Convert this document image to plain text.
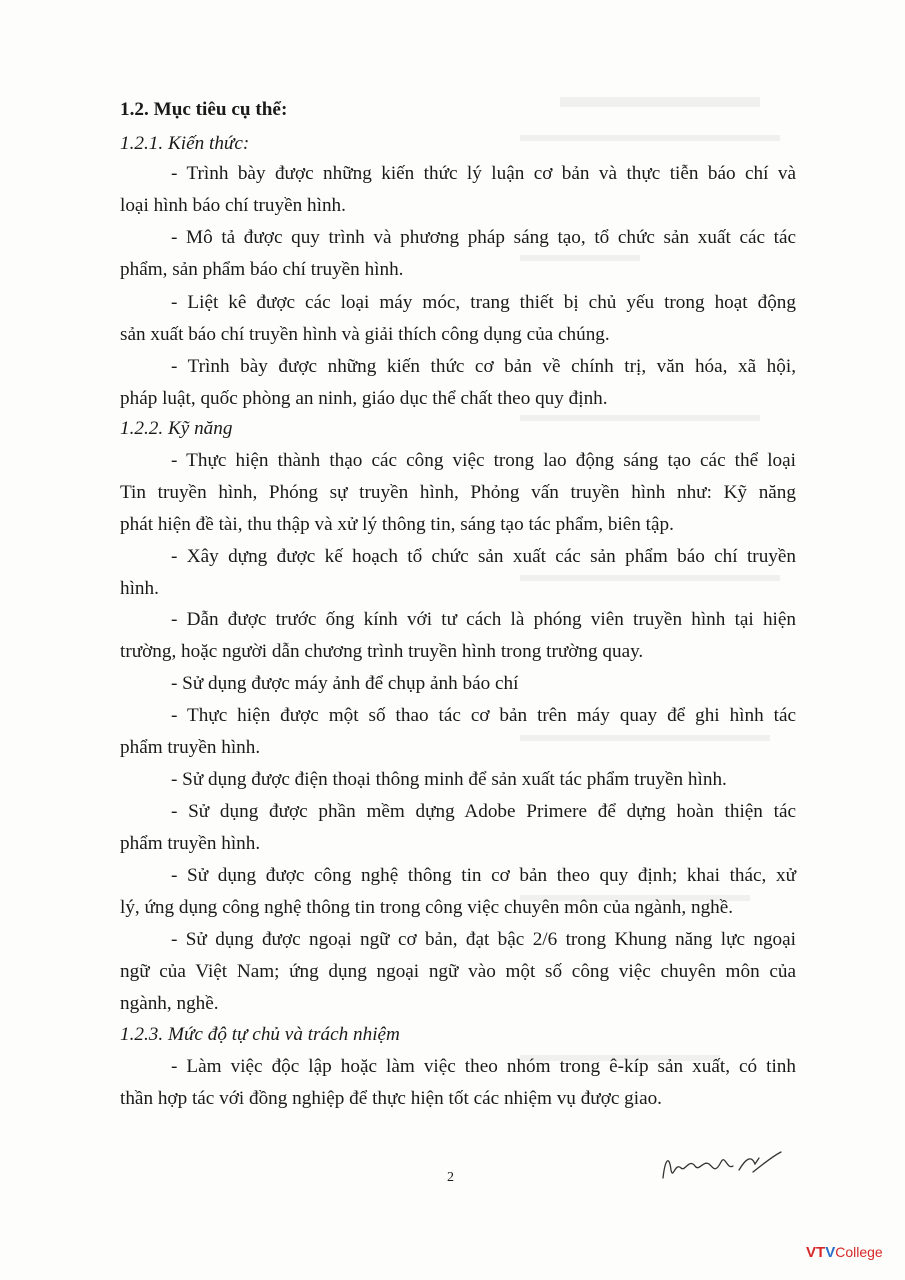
1.2. Mục tiêu cụ thể:
1.2.1. Kiến thức:
- Trình bày được những kiến thức lý luận cơ bản và thực tiễn báo chí và
loại hình báo chí truyền hình.
- Mô tả được quy trình và phương pháp sáng tạo, tổ chức sản xuất các tác
phẩm, sản phẩm báo chí truyền hình.
- Liệt kê được các loại máy móc, trang thiết bị chủ yếu trong hoạt động
sản xuất báo chí truyền hình và giải thích công dụng của chúng.
- Trình bày được những kiến thức cơ bản về chính trị, văn hóa, xã hội,
pháp luật, quốc phòng an ninh, giáo dục thể chất theo quy định.
1.2.2. Kỹ năng
- Thực hiện thành thạo các công việc trong lao động sáng tạo các thể loại
Tin truyền hình, Phóng sự truyền hình, Phỏng vấn truyền hình như: Kỹ năng
phát hiện đề tài, thu thập và xử lý thông tin, sáng tạo tác phẩm, biên tập.
- Xây dựng được kế hoạch tổ chức sản xuất các sản phẩm báo chí truyền
hình.
- Dẫn được trước ống kính với tư cách là phóng viên truyền hình tại hiện
trường, hoặc người dẫn chương trình truyền hình trong trường quay.
- Sử dụng được máy ảnh để chụp ảnh báo chí
- Thực hiện được một số thao tác cơ bản trên máy quay để ghi hình tác
phẩm truyền hình.
- Sử dụng được điện thoại thông minh để sản xuất tác phẩm truyền hình.
- Sử dụng được phần mềm dựng Adobe Primere để dựng hoàn thiện tác
phẩm truyền hình.
- Sử dụng được công nghệ thông tin cơ bản theo quy định; khai thác, xử
lý, ứng dụng công nghệ thông tin trong công việc chuyên môn của ngành, nghề.
- Sử dụng được ngoại ngữ cơ bản, đạt bậc 2/6 trong Khung năng lực ngoại
ngữ của Việt Nam; ứng dụng ngoại ngữ vào một số công việc chuyên môn của
ngành, nghề.
1.2.3. Mức độ tự chủ và trách nhiệm
- Làm việc độc lập hoặc làm việc theo nhóm trong ê-kíp sản xuất, có tinh
thần hợp tác với đồng nghiệp để thực hiện tốt các nhiệm vụ được giao.
2
VTVCollege
